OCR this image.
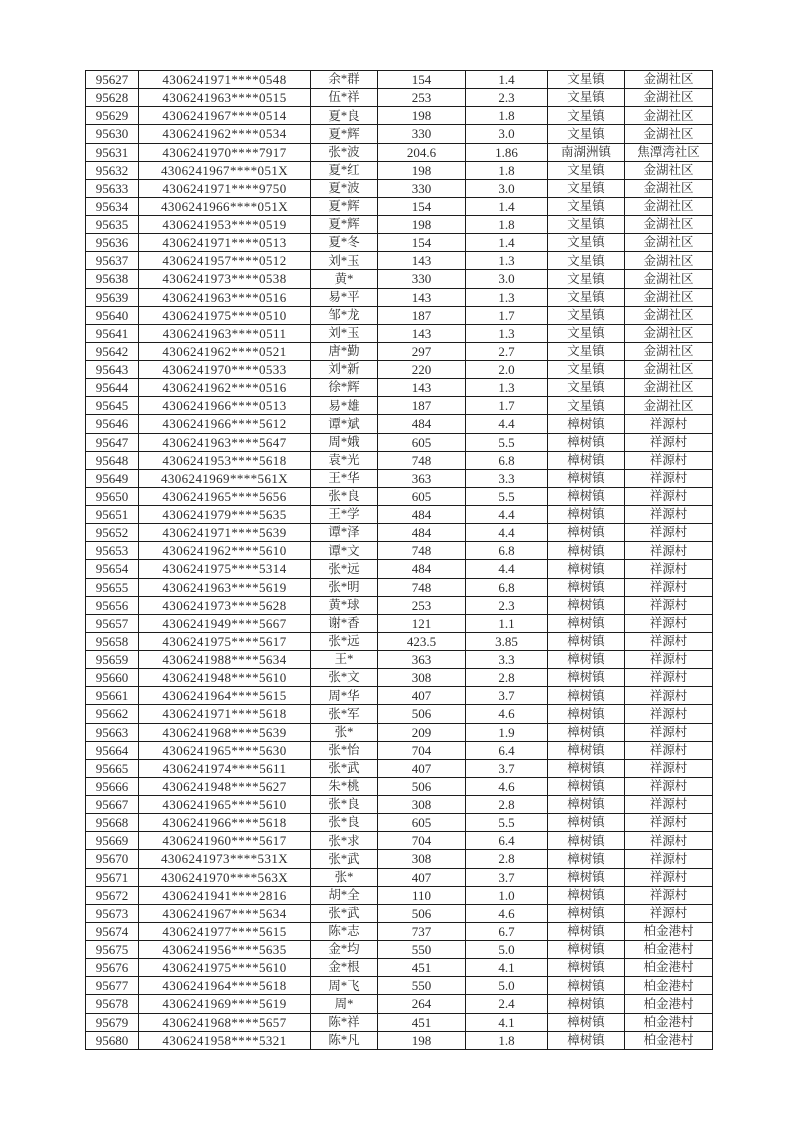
95627	4306241971****0548	余*群	154	1.4	文星镇	金湖社区
95628	4306241963****0515	伍*祥	253	2.3	文星镇	金湖社区
95629	4306241967****0514	夏*良	198	1.8	文星镇	金湖社区
95630	4306241962****0534	夏*辉	330	3.0	文星镇	金湖社区
95631	4306241970****7917	张*波	204.6	1.86	南湖洲镇	焦潭湾社区
95632	4306241967****051X	夏*红	198	1.8	文星镇	金湖社区
95633	4306241971****9750	夏*波	330	3.0	文星镇	金湖社区
95634	4306241966****051X	夏*辉	154	1.4	文星镇	金湖社区
95635	4306241953****0519	夏*辉	198	1.8	文星镇	金湖社区
95636	4306241971****0513	夏*冬	154	1.4	文星镇	金湖社区
95637	4306241957****0512	刘*玉	143	1.3	文星镇	金湖社区
95638	4306241973****0538	黄*	330	3.0	文星镇	金湖社区
95639	4306241963****0516	易*平	143	1.3	文星镇	金湖社区
95640	4306241975****0510	邹*龙	187	1.7	文星镇	金湖社区
95641	4306241963****0511	刘*玉	143	1.3	文星镇	金湖社区
95642	4306241962****0521	唐*勤	297	2.7	文星镇	金湖社区
95643	4306241970****0533	刘*新	220	2.0	文星镇	金湖社区
95644	4306241962****0516	徐*辉	143	1.3	文星镇	金湖社区
95645	4306241966****0513	易*雄	187	1.7	文星镇	金湖社区
95646	4306241966****5612	谭*斌	484	4.4	樟树镇	祥源村
95647	4306241963****5647	周*娥	605	5.5	樟树镇	祥源村
95648	4306241953****5618	袁*光	748	6.8	樟树镇	祥源村
95649	4306241969****561X	王*华	363	3.3	樟树镇	祥源村
95650	4306241965****5656	张*良	605	5.5	樟树镇	祥源村
95651	4306241979****5635	王*学	484	4.4	樟树镇	祥源村
95652	4306241971****5639	谭*泽	484	4.4	樟树镇	祥源村
95653	4306241962****5610	谭*文	748	6.8	樟树镇	祥源村
95654	4306241975****5314	张*远	484	4.4	樟树镇	祥源村
95655	4306241963****5619	张*明	748	6.8	樟树镇	祥源村
95656	4306241973****5628	黄*球	253	2.3	樟树镇	祥源村
95657	4306241949****5667	谢*香	121	1.1	樟树镇	祥源村
95658	4306241975****5617	张*远	423.5	3.85	樟树镇	祥源村
95659	4306241988****5634	王*	363	3.3	樟树镇	祥源村
95660	4306241948****5610	张*文	308	2.8	樟树镇	祥源村
95661	4306241964****5615	周*华	407	3.7	樟树镇	祥源村
95662	4306241971****5618	张*军	506	4.6	樟树镇	祥源村
95663	4306241968****5639	张*	209	1.9	樟树镇	祥源村
95664	4306241965****5630	张*怡	704	6.4	樟树镇	祥源村
95665	4306241974****5611	张*武	407	3.7	樟树镇	祥源村
95666	4306241948****5627	朱*桃	506	4.6	樟树镇	祥源村
95667	4306241965****5610	张*良	308	2.8	樟树镇	祥源村
95668	4306241966****5618	张*良	605	5.5	樟树镇	祥源村
95669	4306241960****5617	张*求	704	6.4	樟树镇	祥源村
95670	4306241973****531X	张*武	308	2.8	樟树镇	祥源村
95671	4306241970****563X	张*	407	3.7	樟树镇	祥源村
95672	4306241941****2816	胡*全	110	1.0	樟树镇	祥源村
95673	4306241967****5634	张*武	506	4.6	樟树镇	祥源村
95674	4306241977****5615	陈*志	737	6.7	樟树镇	柏金港村
95675	4306241956****5635	金*均	550	5.0	樟树镇	柏金港村
95676	4306241975****5610	金*根	451	4.1	樟树镇	柏金港村
95677	4306241964****5618	周*飞	550	5.0	樟树镇	柏金港村
95678	4306241969****5619	周*	264	2.4	樟树镇	柏金港村
95679	4306241968****5657	陈*祥	451	4.1	樟树镇	柏金港村
95680	4306241958****5321	陈*凡	198	1.8	樟树镇	柏金港村
